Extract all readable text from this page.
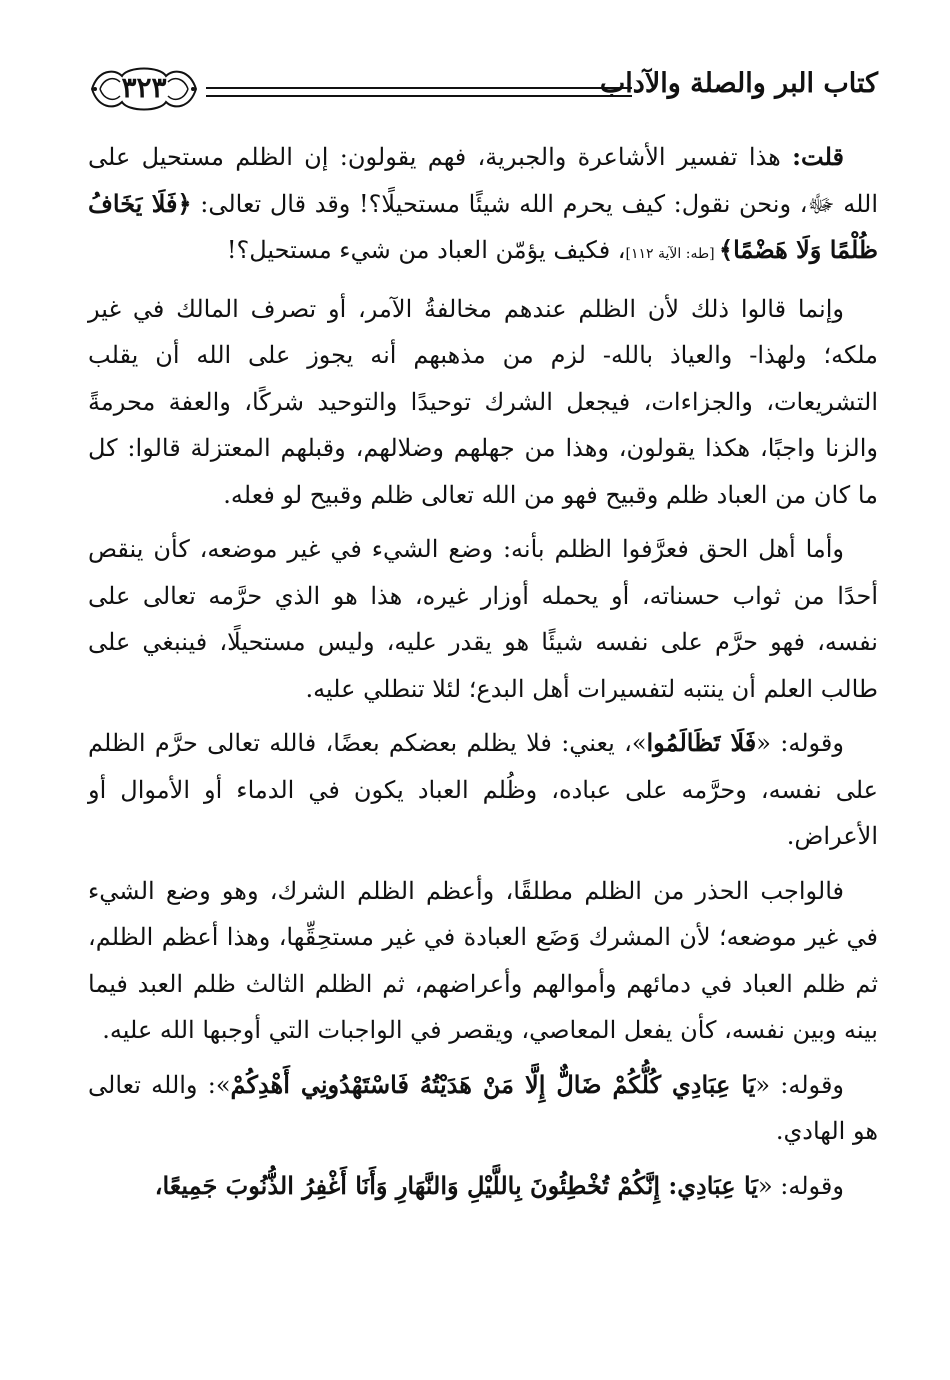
كتاب البر والصلة والآداب
٣٢٣

قلت: هذا تفسير الأشاعرة والجبرية، فهم يقولون: إن الظلم مستحيل على الله ﷻ، ونحن نقول: كيف يحرم الله شيئًا مستحيلًا؟! وقد قال تعالى: ﴿فَلَا يَخَافُ ظُلْمًا وَلَا هَضْمًا﴾ [طه: الآية ١١٢]، فكيف يؤمّن العباد من شيء مستحيل؟!

وإنما قالوا ذلك لأن الظلم عندهم مخالفةُ الآمر، أو تصرف المالك في غير ملكه؛ ولهذا- والعياذ بالله- لزم من مذهبهم أنه يجوز على الله أن يقلب التشريعات، والجزاءات، فيجعل الشرك توحيدًا والتوحيد شركًا، والعفة محرمةً والزنا واجبًا، هكذا يقولون، وهذا من جهلهم وضلالهم، وقبلهم المعتزلة قالوا: كل ما كان من العباد ظلم وقبيح فهو من الله تعالى ظلم وقبيح لو فعله.

وأما أهل الحق فعرَّفوا الظلم بأنه: وضع الشيء في غير موضعه، كأن ينقص أحدًا من ثواب حسناته، أو يحمله أوزار غيره، هذا هو الذي حرَّمه تعالى على نفسه، فهو حرَّم على نفسه شيئًا هو يقدر عليه، وليس مستحيلًا، فينبغي على طالب العلم أن ينتبه لتفسيرات أهل البدع؛ لئلا تنطلي عليه.

وقوله: «فَلَا تَظَالَمُوا»، يعني: فلا يظلم بعضكم بعضًا، فالله تعالى حرَّم الظلم على نفسه، وحرَّمه على عباده، وظُلم العباد يكون في الدماء أو الأموال أو الأعراض.

فالواجب الحذر من الظلم مطلقًا، وأعظم الظلم الشرك، وهو وضع الشيء في غير موضعه؛ لأن المشرك وَضَع العبادة في غير مستحِقِّها، وهذا أعظم الظلم، ثم ظلم العباد في دمائهم وأموالهم وأعراضهم، ثم الظلم الثالث ظلم العبد فيما بينه وبين نفسه، كأن يفعل المعاصي، ويقصر في الواجبات التي أوجبها الله عليه.

وقوله: «يَا عِبَادِي كُلُّكُمْ ضَالٌّ إِلَّا مَنْ هَدَيْتُهُ فَاسْتَهْدُونِي أَهْدِكُمْ»: والله تعالى هو الهادي.

وقوله: «يَا عِبَادِي: إِنَّكُمْ تُخْطِئُونَ بِاللَّيْلِ وَالنَّهَارِ وَأَنَا أَغْفِرُ الذُّنُوبَ جَمِيعًا،
